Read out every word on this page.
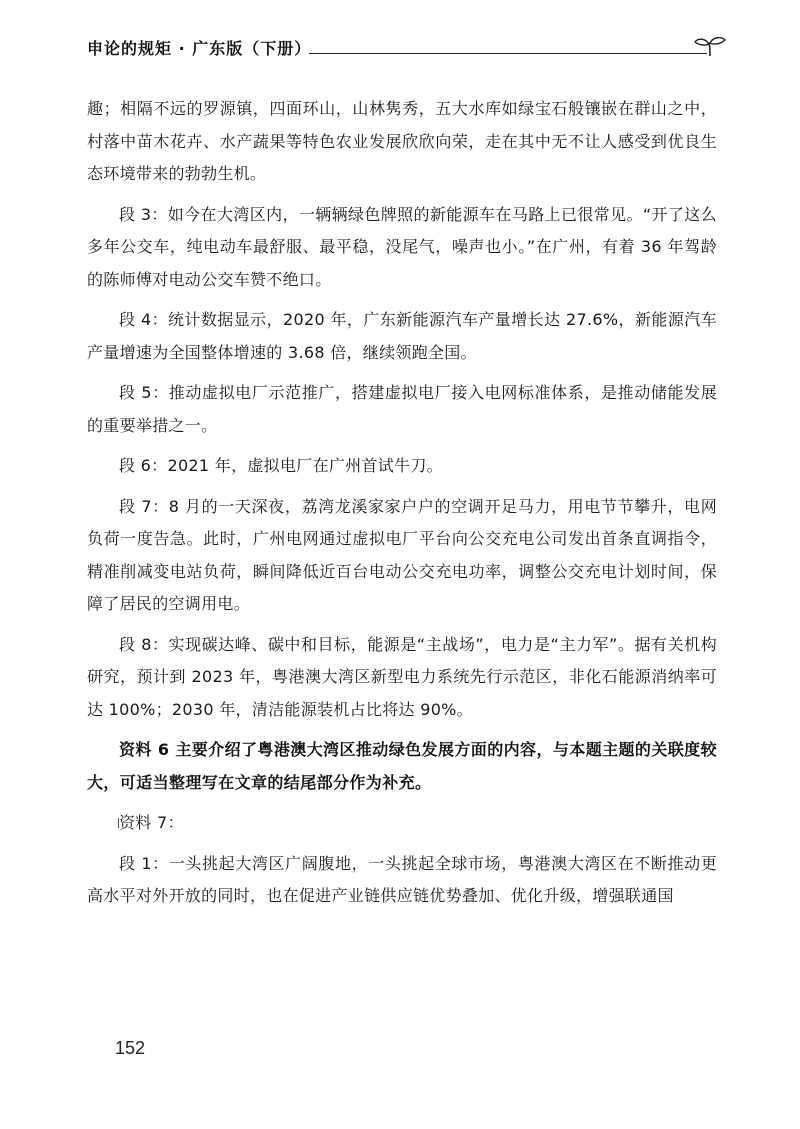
申论的规矩 · 广东版（下册）

趣；相隔不远的罗源镇，四面环山，山林隽秀，五大水库如绿宝石般镶嵌在群山之中，村落中苗木花卉、水产蔬果等特色农业发展欣欣向荣，走在其中无不让人感受到优良生态环境带来的勃勃生机。

段 3：如今在大湾区内，一辆辆绿色牌照的新能源车在马路上已很常见。“开了这么多年公交车，纯电动车最舒服、最平稳，没尾气，噪声也小。”在广州，有着 36 年驾龄的陈师傅对电动公交车赞不绝口。

段 4：统计数据显示，2020 年，广东新能源汽车产量增长达 27.6%，新能源汽车产量增速为全国整体增速的 3.68 倍，继续领跑全国。

段 5：推动虚拟电厂示范推广，搭建虚拟电厂接入电网标准体系，是推动储能发展的重要举措之一。

段 6：2021 年，虚拟电厂在广州首试牛刀。

段 7：8 月的一天深夜，荔湾龙溪家家户户的空调开足马力，用电节节攀升，电网负荷一度告急。此时，广州电网通过虚拟电厂平台向公交充电公司发出首条直调指令，精准削减变电站负荷，瞬间降低近百台电动公交充电功率，调整公交充电计划时间，保障了居民的空调用电。

段 8：实现碳达峰、碳中和目标，能源是“主战场”，电力是“主力军”。据有关机构研究，预计到 2023 年，粤港澳大湾区新型电力系统先行示范区，非化石能源消纳率可达 100%；2030 年，清洁能源装机占比将达 90%。

资料 6 主要介绍了粤港澳大湾区推动绿色发展方面的内容，与本题主题的关联度较大，可适当整理写在文章的结尾部分作为补充。

资料 7：

段 1：一头挑起大湾区广阔腹地，一头挑起全球市场，粤港澳大湾区在不断推动更高水平对外开放的同时，也在促进产业链供应链优势叠加、优化升级，增强联通国

152
